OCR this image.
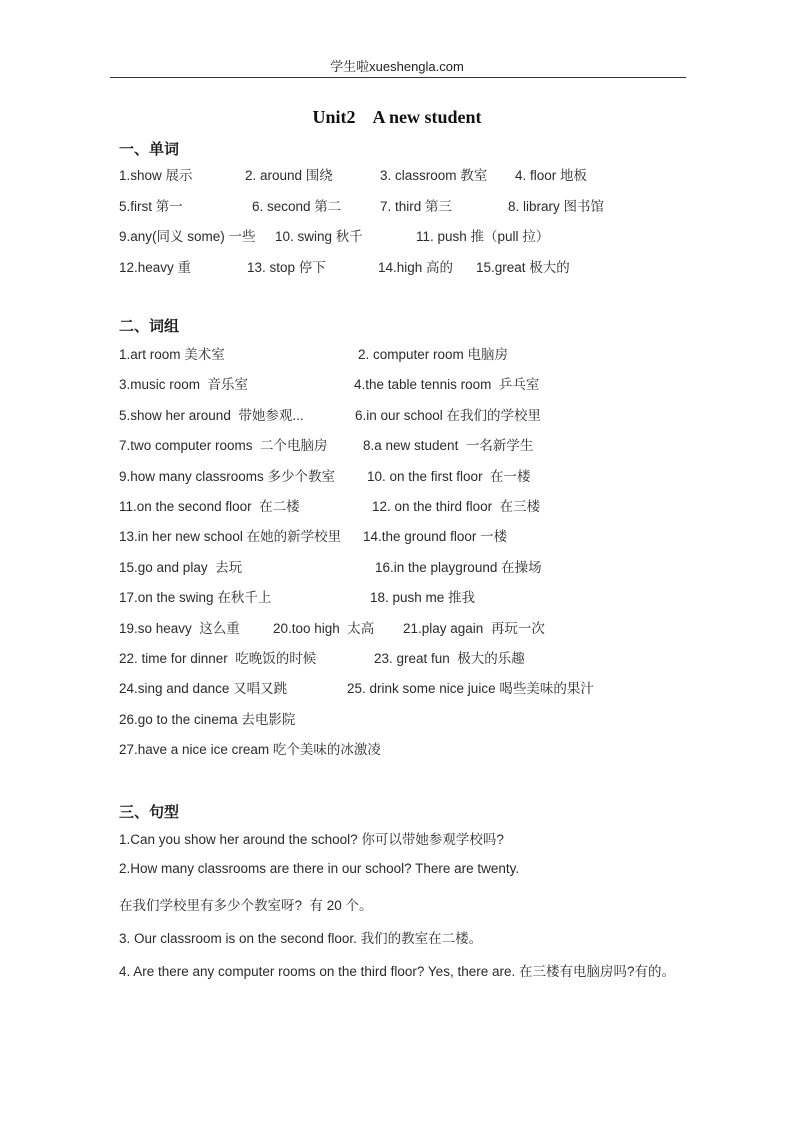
学生啦xueshengla.com
Unit2    A new student
一、单词
1.show 展示	2. around 围绕	3. classroom 教室 4. floor 地板
5.first 第一	6. second 第二	7. third 第三	8. library 图书馆
9.any(同义 some) 一些 10. swing 秋千	11. push 推（pull 拉）
12.heavy 重	13. stop 停下	14.high 高的 15.great 极大的
二、词组
1.art room 美术室	2. computer room 电脑房
3.music room  音乐室	4.the table tennis room  乒乓室
5.show her around  带她参观...	6.in our school 在我们的学校里
7.two computer rooms  二个电脑房	8.a new student  一名新学生
9.how many classrooms 多少个教室 10. on the first floor  在一楼
11.on the second floor  在二楼	12. on the third floor  在三楼
13.in her new school 在她的新学校里 14.the ground floor 一楼
15.go and play  去玩	16.in the playground 在操场
17.on the swing 在秋千上	18. push me 推我
19.so heavy  这么重 20.too high  太高 21.play again  再玩一次
22. time for dinner  吃晚饭的时候	23. great fun  极大的乐趣
24.sing and dance 又唱又跳	25. drink some nice juice 喝些美味的果汁
26.go to the cinema 去电影院
27.have a nice ice cream 吃个美味的冰激凌
三、句型
1.Can you show her around the school? 你可以带她参观学校吗?
2.How many classrooms are there in our school? There are twenty.
在我们学校里有多少个教室呀?  有 20 个。
3. Our classroom is on the second floor. 我们的教室在二楼。
4. Are there any computer rooms on the third floor? Yes, there are. 在三楼有电脑房吗?有的。
